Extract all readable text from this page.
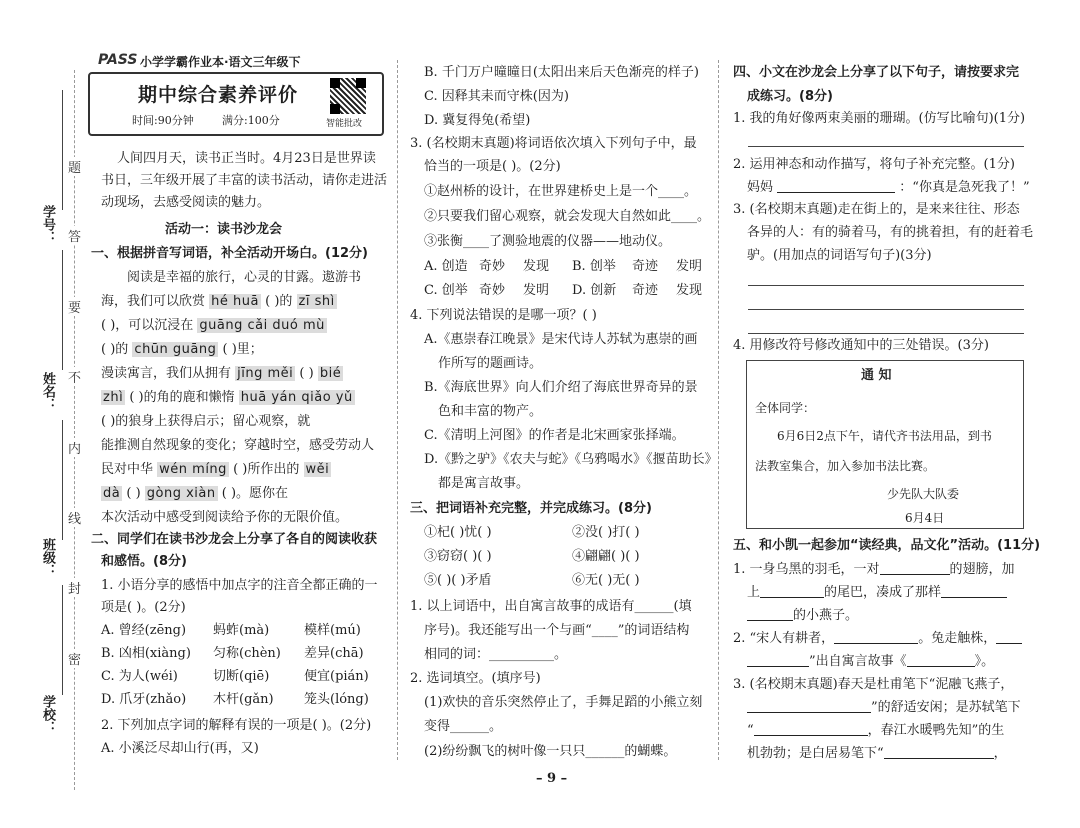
学号：
姓名：
班级：
学校：
题
答
要
不
内
线
封
密
PASS 小学学霸作业本·语文三年级下
期中综合素养评价
时间:90分钟	满分:100分	智能批改
人间四月天，读书正当时。4月23日是世界读
书日，三年级开展了丰富的读书活动，请你走进活
动现场，去感受阅读的魅力。
活动一：读书沙龙会
一、根据拼音写词语，补全活动开场白。(12分)
阅读是幸福的旅行，心灵的甘露。遨游书
海，我们可以欣赏 hé huā ( )的 zī shì
( )，可以沉浸在 guāng cǎi duó mù
( )的 chūn guāng ( )里；
漫读寓言，我们从拥有 jīng měi ( ) bié
zhì ( )的角的鹿和懒惰 huā yán qiǎo yǔ
( )的狼身上获得启示；留心观察，就
能推测自然现象的变化；穿越时空，感受劳动人
民对中华 wén míng ( )所作出的 wěi
dà ( ) gòng xiàn ( )。愿你在
本次活动中感受到阅读给予你的无限价值。
二、同学们在读书沙龙会上分享了各自的阅读收获
和感悟。(8分)
1. 小语分享的感悟中加点字的注音全都正确的一
项是( )。(2分)
A. 曾经(zēng) 蚂蚱(mà)	模样(mú)
B. 凶相(xiàng) 匀称(chèn) 差异(chā)
C. 为人(wéi)	切断(qiē)	便宜(pián)
D. 爪牙(zhǎo) 木杆(gǎn) 笼头(lóng)
2. 下列加点字词的解释有误的一项是( )。(2分)
A. 小溪泛尽却山行(再，又)
B. 千门万户曈曈日(太阳出来后天色渐亮的样子)
C. 因释其耒而守株(因为)
D. 冀复得兔(希望)
3. (名校期末真题)将词语依次填入下列句子中，最
恰当的一项是( )。(2分)
①赵州桥的设计，在世界建桥史上是一个____。
②只要我们留心观察，就会发现大自然如此____。
③张衡____了测验地震的仪器——地动仪。
A. 创造 奇妙 发现 B. 创举 奇迹 发明
C. 创举 奇妙 发明 D. 创新 奇迹 发现
4. 下列说法错误的是哪一项？( )
A.《惠崇春江晚景》是宋代诗人苏轼为惠崇的画
作所写的题画诗。
B.《海底世界》向人们介绍了海底世界奇异的景
色和丰富的物产。
C.《清明上河图》的作者是北宋画家张择端。
D.《黔之驴》《农夫与蛇》《乌鸦喝水》《揠苗助长》
都是寓言故事。
三、把词语补充完整，并完成练习。(8分)
①杞( )忧( )	②没( )打( )
③窃窃( )( )	④翩翩( )( )
⑤( )( )矛盾	⑥无( )无( )
1. 以上词语中，出自寓言故事的成语有______(填
序号)。我还能写出一个与画“____”的词语结构
相同的词：__________。
2. 选词填空。(填序号)
(1)欢快的音乐突然停止了，手舞足蹈的小熊立刻
变得______。
(2)纷纷飘飞的树叶像一只只______的蝴蝶。
四、小文在沙龙会上分享了以下句子，请按要求完
成练习。(8分)
1. 我的角好像两束美丽的珊瑚。(仿写比喻句)(1分)
2. 运用神态和动作描写，将句子补充完整。(1分)
妈妈	：“你真是急死我了！”
3. (名校期末真题)走在街上的，是来来往往、形态
各异的人：有的骑着马，有的挑着担，有的赶着毛
驴。(用加点的词语写句子)(3分)
4. 用修改符号修改通知中的三处错误。(3分)
通 知
全体同学：
6月6日2点下午，请代齐书法用品，到书
法教室集合，加入参加书法比赛。
少先队大队委
6月4日
五、和小凯一起参加“读经典，品文化”活动。(11分)
1. 一身乌黑的羽毛，一对	的翅膀，加
上	的尾巴，凑成了那样
的小燕子。
2. “宋人有耕者，	。兔走触株，
”出自寓言故事《	》。
3. (名校期末真题)春天是杜甫笔下“泥融飞燕子，
”的舒适安闲；是苏轼笔下
“	，春江水暖鸭先知”的生
机勃勃；是白居易笔下“	，
– 9 –
